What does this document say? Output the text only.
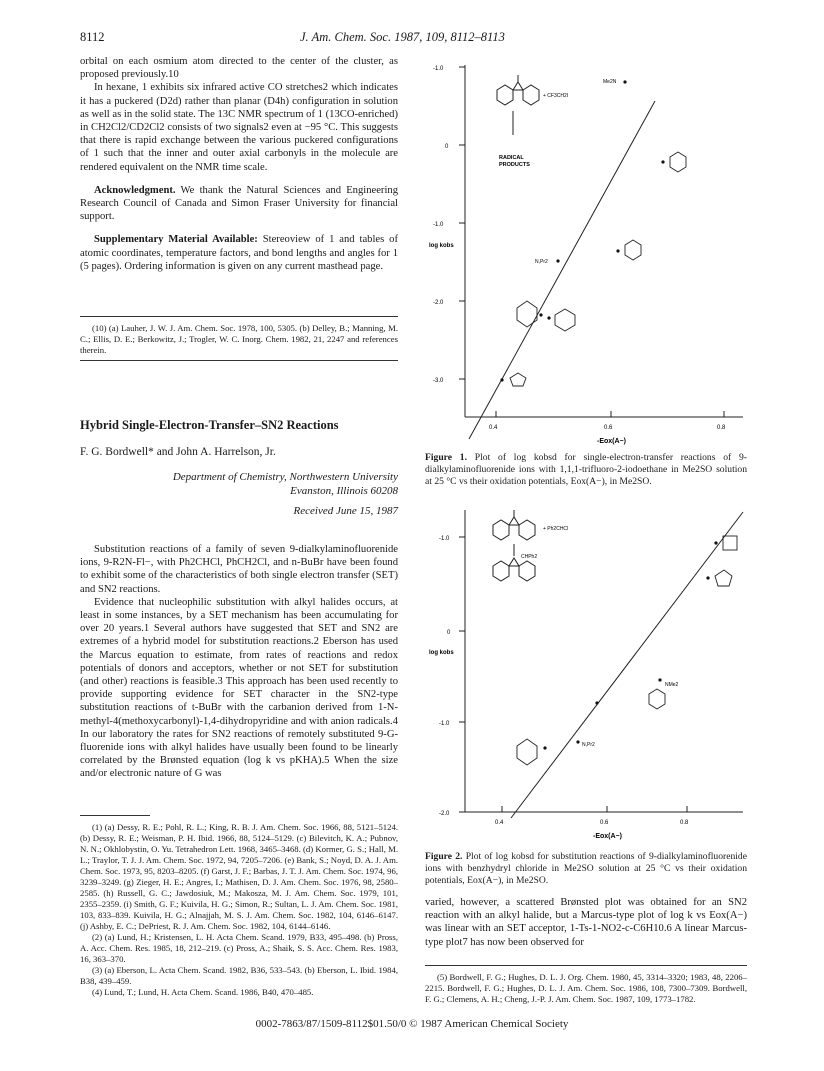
8112	J. Am. Chem. Soc. 1987, 109, 8112–8113

orbital on each osmium atom directed to the center of the cluster, as proposed previously.10

In hexane, 1 exhibits six infrared active CO stretches2 which indicates it has a puckered (D2d) rather than planar (D4h) configuration in solution as well as in the solid state. The 13C NMR spectrum of 1 (13CO-enriched) in CH2Cl2/CD2Cl2 consists of two signals2 even at −95 °C. This suggests that there is rapid exchange between the various puckered configurations of 1 such that the inner and outer axial carbonyls in the molecule are rendered equivalent on the NMR time scale.

Acknowledgment. We thank the Natural Sciences and Engineering Research Council of Canada and Simon Fraser University for financial support.

Supplementary Material Available: Stereoview of 1 and tables of atomic coordinates, temperature factors, and bond lengths and angles for 1 (5 pages). Ordering information is given on any current masthead page.

(10) (a) Lauher, J. W. J. Am. Chem. Soc. 1978, 100, 5305. (b) Delley, B.; Manning, M. C.; Ellis, D. E.; Berkowitz, J.; Trogler, W. C. Inorg. Chem. 1982, 21, 2247 and references therein.

Hybrid Single-Electron-Transfer–SN2 Reactions
F. G. Bordwell* and John A. Harrelson, Jr.
Department of Chemistry, Northwestern University
Evanston, Illinois 60208
Received June 15, 1987

Substitution reactions of a family of seven 9-dialkylaminofluorenide ions, 9-R2N-Fl−, with Ph2CHCl, PhCH2Cl, and n-BuBr have been found to exhibit some of the characteristics of both single electron transfer (SET) and SN2 reactions.

Evidence that nucleophilic substitution with alkyl halides occurs, at least in some instances, by a SET mechanism has been accumulating for over 20 years.1 Several authors have suggested that SET and SN2 are extremes of a hybrid model for substitution reactions.2 Eberson has used the Marcus equation to estimate, from rates of reactions and redox potentials of donors and acceptors, whether or not SET for substitution (and other) reactions is feasible.3 This approach has been used recently to provide supporting evidence for SET character in the SN2-type substitution reactions of t-BuBr with the carbanion derived from 1-N-methyl-4(methoxycarbonyl)-1,4-dihydropyridine and with anion radicals.4 In our laboratory the rates for SN2 reactions of remotely substituted 9-G-fluorenide ions with alkyl halides have usually been found to be linearly correlated by the Brønsted equation (log k vs pKHA).5 When the size and/or electronic nature of G was

(1) (a) Dessy, R. E.; Pohl, R. L.; King, R. B. J. Am. Chem. Soc. 1966, 88, 5121–5124. (b) Dessy, R. E.; Weisman, P. H. Ibid. 1966, 88, 5124–5129. (c) Bilevitch, K. A.; Pubnov, N. N.; Okhlobystin, O. Yu. Tetrahedron Lett. 1968, 3465–3468. (d) Kormer, G. S.; Hall, M. L.; Traylor, T. J. J. Am. Chem. Soc. 1972, 94, 7205–7206. (e) Bank, S.; Noyd, D. A. J. Am. Chem. Soc. 1973, 95, 8203–8205. (f) Garst, J. F.; Barbas, J. T. J. Am. Chem. Soc. 1974, 96, 3239–3249. (g) Zieger, H. E.; Angres, I.; Mathisen, D. J. Am. Chem. Soc. 1976, 98, 2580–2585. (h) Russell, G. C.; Jawdosiuk, M.; Makosza, M. J. Am. Chem. Soc. 1979, 101, 2355–2359. (i) Smith, G. F.; Kuivila, H. G.; Simon, R.; Sultan, L. J. Am. Chem. Soc. 1981, 103, 833–839. Kuivila, H. G.; Alnajjah, M. S. J. Am. Chem. Soc. 1982, 104, 6146–6147. (j) Ashby, E. C.; DePriest, R. J. Am. Chem. Soc. 1982, 104, 6144–6146.

(2) (a) Lund, H.; Kristensen, L. H. Acta Chem. Scand. 1979, B33, 495–498. (b) Pross, A. Acc. Chem. Res. 1985, 18, 212–219. (c) Pross, A.; Shaik, S. S. Acc. Chem. Res. 1983, 16, 363–370.

(3) (a) Eberson, L. Acta Chem. Scand. 1982, B36, 533–543. (b) Eberson, L. Ibid. 1984, B38, 439–459.

(4) Lund, T.; Lund, H. Acta Chem. Scand. 1986, B40, 470–485.

-1.0
0
-1.0
-2.0
-3.0
log kobs
0.4	0.6	0.8
-Eox(A−)
+ CF3CH2I
RADICAL
PRODUCTS
Me2N
N,Pr2
Figure 1. Plot of log kobsd for single-electron-transfer reactions of 9-dialkylaminofluorenide ions with 1,1,1-trifluoro-2-iodoethane in Me2SO solution at 25 °C vs their oxidation potentials, Eox(A−), in Me2SO.
-1.0
0
-1.0
-2.0
log kobs
0.4	0.6	0.8
-Eox(A−)
+ Ph2CHCl
CHPh2
NMe2
N,Pr2
Figure 2. Plot of log kobsd for substitution reactions of 9-dialkylaminofluorenide ions with benzhydryl chloride in Me2SO solution at 25 °C vs their oxidation potentials, Eox(A−), in Me2SO.

varied, however, a scattered Brønsted plot was obtained for an SN2 reaction with an alkyl halide, but a Marcus-type plot of log k vs Eox(A−) was linear with an SET acceptor, 1-Ts-1-NO2-c-C6H10.6 A linear Marcus-type plot7 has now been observed for

(5) Bordwell, F. G.; Hughes, D. L. J. Org. Chem. 1980, 45, 3314–3320; 1983, 48, 2206–2215. Bordwell, F. G.; Hughes, D. L. J. Am. Chem. Soc. 1986, 108, 7300–7309. Bordwell, F. G.; Clemens, A. H.; Cheng, J.-P. J. Am. Chem. Soc. 1987, 109, 1773–1782.

0002-7863/87/1509-8112$01.50/0 © 1987 American Chemical Society
